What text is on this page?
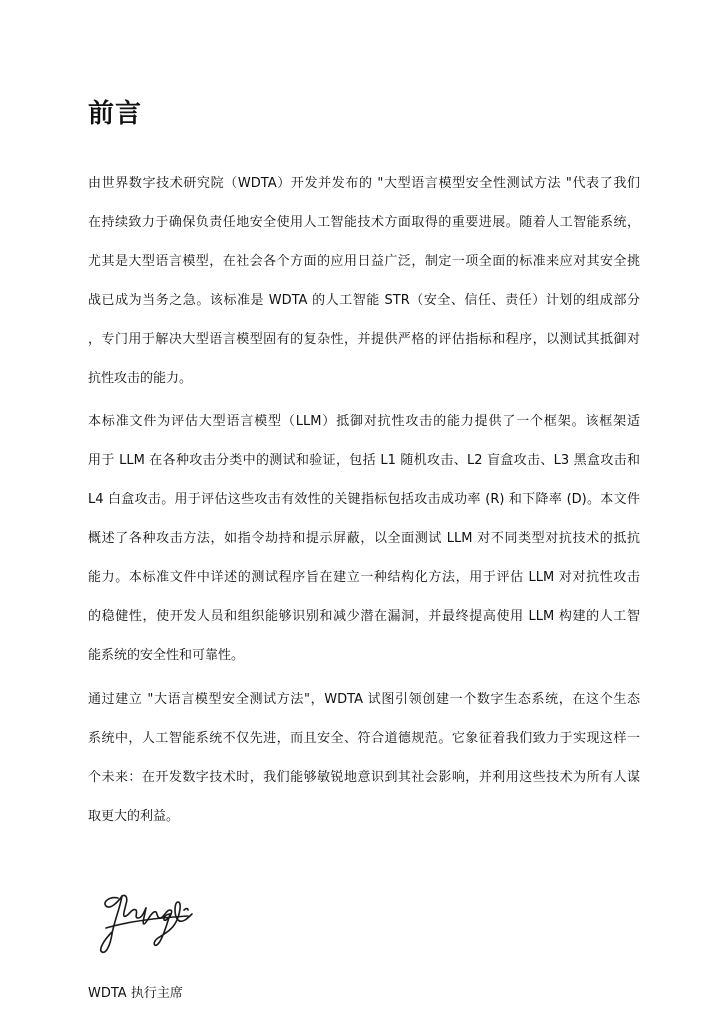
前言
由世界数字技术研究院（WDTA）开发并发布的 "大型语言模型安全性测试方法 "代表了我们
在持续致力于确保负责任地安全使用人工智能技术方面取得的重要进展。随着人工智能系统，
尤其是大型语言模型，在社会各个方面的应用日益广泛，制定一项全面的标准来应对其安全挑
战已成为当务之急。该标准是 WDTA 的人工智能 STR（安全、信任、责任）计划的组成部分
，专门用于解决大型语言模型固有的复杂性，并提供严格的评估指标和程序，以测试其抵御对
抗性攻击的能力。
本标准文件为评估大型语言模型（LLM）抵御对抗性攻击的能力提供了一个框架。该框架适
用于 LLM 在各种攻击分类中的测试和验证，包括 L1 随机攻击、L2 盲盒攻击、L3 黑盒攻击和
L4 白盒攻击。用于评估这些攻击有效性的关键指标包括攻击成功率 (R) 和下降率 (D)。本文件
概述了各种攻击方法，如指令劫持和提示屏蔽，以全面测试 LLM 对不同类型对抗技术的抵抗
能力。本标准文件中详述的测试程序旨在建立一种结构化方法，用于评估 LLM 对对抗性攻击
的稳健性，使开发人员和组织能够识别和减少潜在漏洞，并最终提高使用 LLM 构建的人工智
能系统的安全性和可靠性。
通过建立 "大语言模型安全测试方法"，WDTA 试图引领创建一个数字生态系统，在这个生态
系统中，人工智能系统不仅先进，而且安全、符合道德规范。它象征着我们致力于实现这样一
个未来：在开发数字技术时，我们能够敏锐地意识到其社会影响，并利用这些技术为所有人谋
取更大的利益。
WDTA 执行主席
